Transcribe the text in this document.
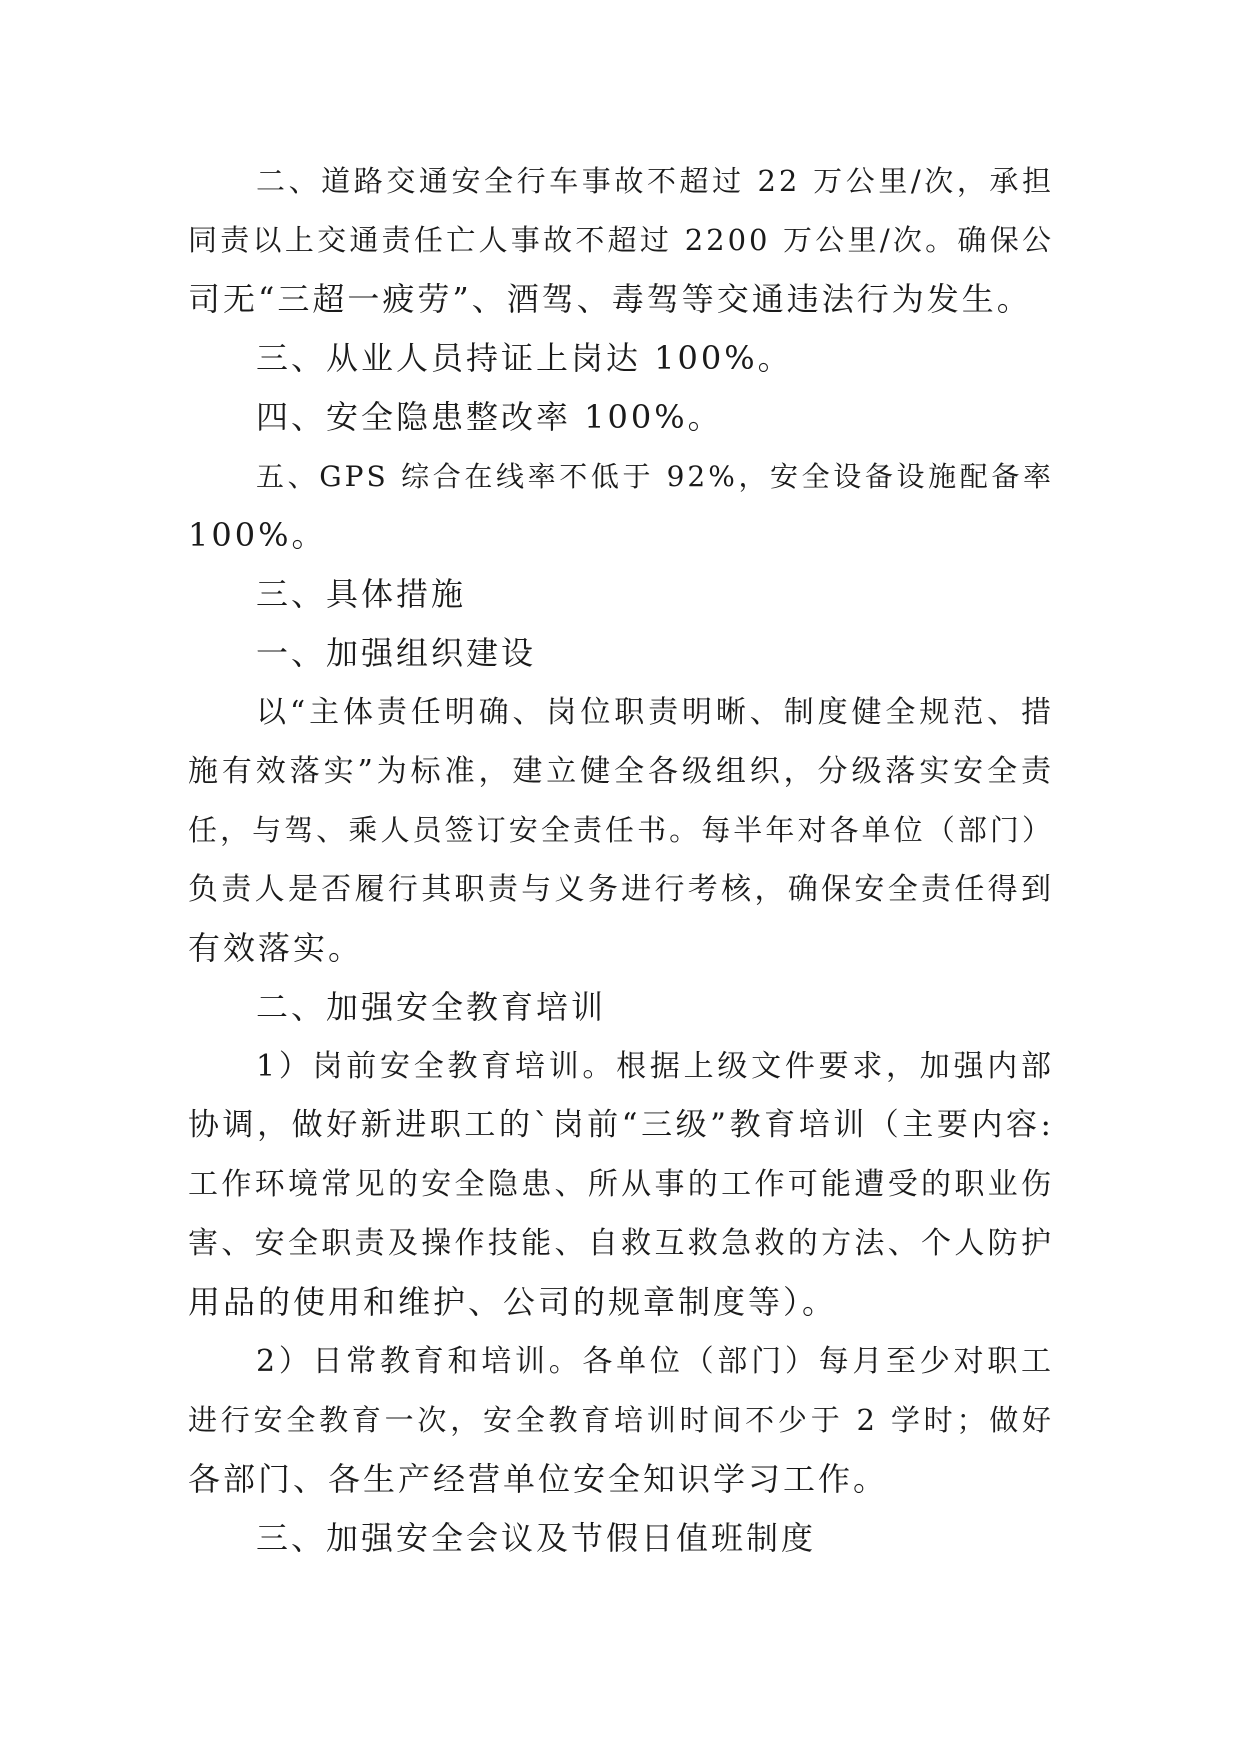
二、道路交通安全行车事故不超过 22 万公里/次，承担
同责以上交通责任亡人事故不超过 2200 万公里/次。确保公
司无“三超一疲劳”、酒驾、毒驾等交通违法行为发生。
三、从业人员持证上岗达 100%。
四、安全隐患整改率 100%。
五、GPS 综合在线率不低于 92%，安全设备设施配备率
100%。
三、具体措施
一、加强组织建设
以“主体责任明确、岗位职责明晰、制度健全规范、措
施有效落实”为标准，建立健全各级组织，分级落实安全责
任，与驾、乘人员签订安全责任书。每半年对各单位（部门）
负责人是否履行其职责与义务进行考核，确保安全责任得到
有效落实。
二、加强安全教育培训
1）岗前安全教育培训。根据上级文件要求，加强内部
协调，做好新进职工的`岗前“三级”教育培训（主要内容:
工作环境常见的安全隐患、所从事的工作可能遭受的职业伤
害、安全职责及操作技能、自救互救急救的方法、个人防护
用品的使用和维护、公司的规章制度等）。
2）日常教育和培训。各单位（部门）每月至少对职工
进行安全教育一次，安全教育培训时间不少于 2 学时；做好
各部门、各生产经营单位安全知识学习工作。
三、加强安全会议及节假日值班制度
